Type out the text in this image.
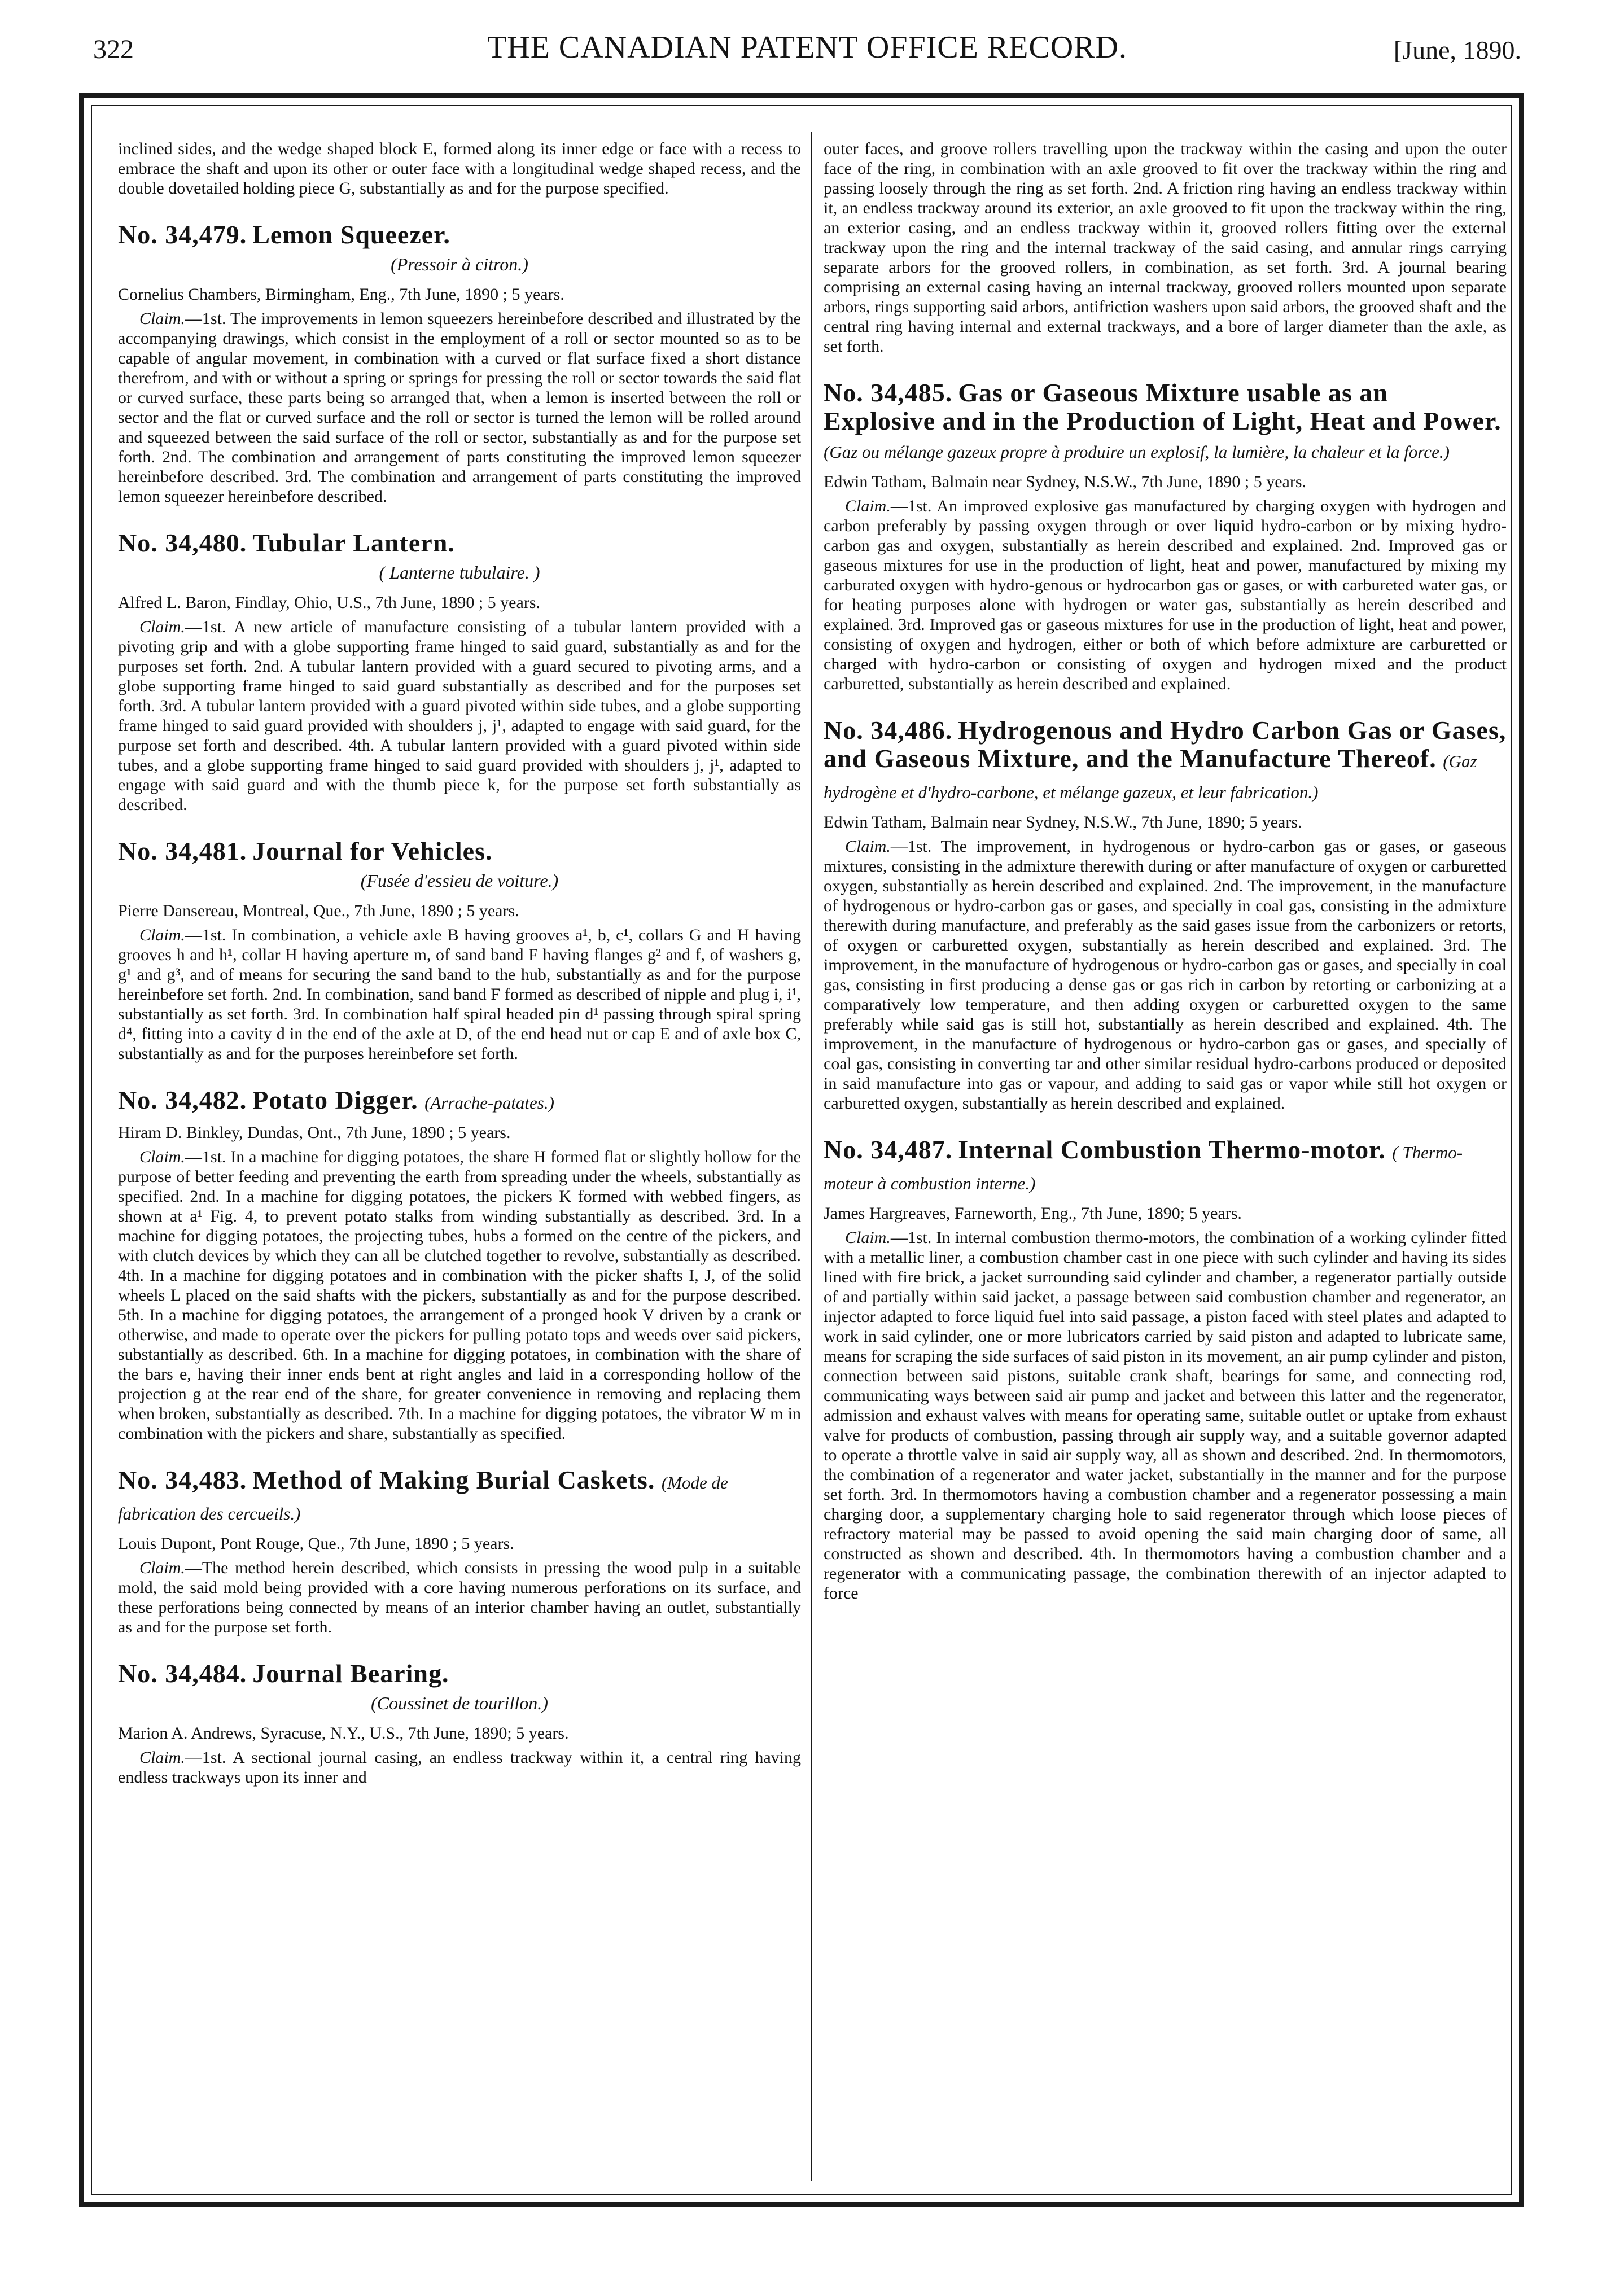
322	THE CANADIAN PATENT OFFICE RECORD.	[June, 1890.

inclined sides, and the wedge shaped block E, formed along its inner edge or face with a recess to embrace the shaft and upon its other or outer face with a longitudinal wedge shaped recess, and the double dovetailed holding piece G, substantially as and for the purpose specified.

No. 34,479. Lemon Squeezer.
(Pressoir à citron.)

Cornelius Chambers, Birmingham, Eng., 7th June, 1890 ; 5 years.

Claim.—1st. The improvements in lemon squeezers hereinbefore described and illustrated by the accompanying drawings, which consist in the employment of a roll or sector mounted so as to be capable of angular movement, in combination with a curved or flat surface fixed a short distance therefrom, and with or without a spring or springs for pressing the roll or sector towards the said flat or curved surface, these parts being so arranged that, when a lemon is inserted between the roll or sector and the flat or curved surface and the roll or sector is turned the lemon will be rolled around and squeezed between the said surface of the roll or sector, substantially as and for the purpose set forth. 2nd. The combination and arrangement of parts constituting the improved lemon squeezer hereinbefore described. 3rd. The combination and arrangement of parts constituting the improved lemon squeezer hereinbefore described.

No. 34,480. Tubular Lantern.
( Lanterne tubulaire. )

Alfred L. Baron, Findlay, Ohio, U.S., 7th June, 1890 ; 5 years.

Claim.—1st. A new article of manufacture consisting of a tubular lantern provided with a pivoting grip and with a globe supporting frame hinged to said guard, substantially as and for the purposes set forth. 2nd. A tubular lantern provided with a guard secured to pivoting arms, and a globe supporting frame hinged to said guard substantially as described and for the purposes set forth. 3rd. A tubular lantern provided with a guard pivoted within side tubes, and a globe supporting frame hinged to said guard provided with shoulders j, j¹, adapted to engage with said guard, for the purpose set forth and described. 4th. A tubular lantern provided with a guard pivoted within side tubes, and a globe supporting frame hinged to said guard provided with shoulders j, j¹, adapted to engage with said guard and with the thumb piece k, for the purpose set forth substantially as described.

No. 34,481. Journal for Vehicles.
(Fusée d'essieu de voiture.)

Pierre Dansereau, Montreal, Que., 7th June, 1890 ; 5 years.

Claim.—1st. In combination, a vehicle axle B having grooves a¹, b, c¹, collars G and H having grooves h and h¹, collar H having aperture m, of sand band F having flanges g² and f, of washers g, g¹ and g³, and of means for securing the sand band to the hub, substantially as and for the purpose hereinbefore set forth. 2nd. In combination, sand band F formed as described of nipple and plug i, i¹, substantially as set forth. 3rd. In combination half spiral headed pin d¹ passing through spiral spring d⁴, fitting into a cavity d in the end of the axle at D, of the end head nut or cap E and of axle box C, substantially as and for the purposes hereinbefore set forth.

No. 34,482. Potato Digger. (Arrache-patates.)

Hiram D. Binkley, Dundas, Ont., 7th June, 1890 ; 5 years.

Claim.—1st. In a machine for digging potatoes, the share H formed flat or slightly hollow for the purpose of better feeding and preventing the earth from spreading under the wheels, substantially as specified. 2nd. In a machine for digging potatoes, the pickers K formed with webbed fingers, as shown at a¹ Fig. 4, to prevent potato stalks from winding substantially as described. 3rd. In a machine for digging potatoes, the projecting tubes, hubs a formed on the centre of the pickers, and with clutch devices by which they can all be clutched together to revolve, substantially as described. 4th. In a machine for digging potatoes and in combination with the picker shafts I, J, of the solid wheels L placed on the said shafts with the pickers, substantially as and for the purpose described. 5th. In a machine for digging potatoes, the arrangement of a pronged hook V driven by a crank or otherwise, and made to operate over the pickers for pulling potato tops and weeds over said pickers, substantially as described. 6th. In a machine for digging potatoes, in combination with the share of the bars e, having their inner ends bent at right angles and laid in a corresponding hollow of the projection g at the rear end of the share, for greater convenience in removing and replacing them when broken, substantially as described. 7th. In a machine for digging potatoes, the vibrator W m in combination with the pickers and share, substantially as specified.

No. 34,483. Method of Making Burial Caskets. (Mode de fabrication des cercueils.)

Louis Dupont, Pont Rouge, Que., 7th June, 1890 ; 5 years.

Claim.—The method herein described, which consists in pressing the wood pulp in a suitable mold, the said mold being provided with a core having numerous perforations on its surface, and these perforations being connected by means of an interior chamber having an outlet, substantially as and for the purpose set forth.

No. 34,484. Journal Bearing.
(Coussinet de tourillon.)

Marion A. Andrews, Syracuse, N.Y., U.S., 7th June, 1890; 5 years.

Claim.—1st. A sectional journal casing, an endless trackway within it, a central ring having endless trackways upon its inner and

outer faces, and groove rollers travelling upon the trackway within the casing and upon the outer face of the ring, in combination with an axle grooved to fit over the trackway within the ring and passing loosely through the ring as set forth. 2nd. A friction ring having an endless trackway within it, an endless trackway around its exterior, an axle grooved to fit upon the trackway within the ring, an exterior casing, and an endless trackway within it, grooved rollers fitting over the external trackway upon the ring and the internal trackway of the said casing, and annular rings carrying separate arbors for the grooved rollers, in combination, as set forth. 3rd. A journal bearing comprising an external casing having an internal trackway, grooved rollers mounted upon separate arbors, rings supporting said arbors, antifriction washers upon said arbors, the grooved shaft and the central ring having internal and external trackways, and a bore of larger diameter than the axle, as set forth.

No. 34,485. Gas or Gaseous Mixture usable as an Explosive and in the Production of Light, Heat and Power. (Gaz ou mélange gazeux propre à produire un explosif, la lumière, la chaleur et la force.)

Edwin Tatham, Balmain near Sydney, N.S.W., 7th June, 1890 ; 5 years.

Claim.—1st. An improved explosive gas manufactured by charging oxygen with hydrogen and carbon preferably by passing oxygen through or over liquid hydro-carbon or by mixing hydro-carbon gas and oxygen, substantially as herein described and explained. 2nd. Improved gas or gaseous mixtures for use in the production of light, heat and power, manufactured by mixing my carburated oxygen with hydro-genous or hydrocarbon gas or gases, or with carbureted water gas, or for heating purposes alone with hydrogen or water gas, substantially as herein described and explained. 3rd. Improved gas or gaseous mixtures for use in the production of light, heat and power, consisting of oxygen and hydrogen, either or both of which before admixture are carburetted or charged with hydro-carbon or consisting of oxygen and hydrogen mixed and the product carburetted, substantially as herein described and explained.

No. 34,486. Hydrogenous and Hydro Carbon Gas or Gases, and Gaseous Mixture, and the Manufacture Thereof. (Gaz hydrogène et d'hydro-carbone, et mélange gazeux, et leur fabrication.)

Edwin Tatham, Balmain near Sydney, N.S.W., 7th June, 1890; 5 years.

Claim.—1st. The improvement, in hydrogenous or hydro-carbon gas or gases, or gaseous mixtures, consisting in the admixture therewith during or after manufacture of oxygen or carburetted oxygen, substantially as herein described and explained. 2nd. The improvement, in the manufacture of hydrogenous or hydro-carbon gas or gases, and specially in coal gas, consisting in the admixture therewith during manufacture, and preferably as the said gases issue from the carbonizers or retorts, of oxygen or carburetted oxygen, substantially as herein described and explained. 3rd. The improvement, in the manufacture of hydrogenous or hydro-carbon gas or gases, and specially in coal gas, consisting in first producing a dense gas or gas rich in carbon by retorting or carbonizing at a comparatively low temperature, and then adding oxygen or carburetted oxygen to the same preferably while said gas is still hot, substantially as herein described and explained. 4th. The improvement, in the manufacture of hydrogenous or hydro-carbon gas or gases, and specially of coal gas, consisting in converting tar and other similar residual hydro-carbons produced or deposited in said manufacture into gas or vapour, and adding to said gas or vapor while still hot oxygen or carburetted oxygen, substantially as herein described and explained.

No. 34,487. Internal Combustion Thermo-motor. ( Thermo-moteur à combustion interne.)

James Hargreaves, Farneworth, Eng., 7th June, 1890; 5 years.

Claim.—1st. In internal combustion thermo-motors, the combination of a working cylinder fitted with a metallic liner, a combustion chamber cast in one piece with such cylinder and having its sides lined with fire brick, a jacket surrounding said cylinder and chamber, a regenerator partially outside of and partially within said jacket, a passage between said combustion chamber and regenerator, an injector adapted to force liquid fuel into said passage, a piston faced with steel plates and adapted to work in said cylinder, one or more lubricators carried by said piston and adapted to lubricate same, means for scraping the side surfaces of said piston in its movement, an air pump cylinder and piston, connection between said pistons, suitable crank shaft, bearings for same, and connecting rod, communicating ways between said air pump and jacket and between this latter and the regenerator, admission and exhaust valves with means for operating same, suitable outlet or uptake from exhaust valve for products of combustion, passing through air supply way, and a suitable governor adapted to operate a throttle valve in said air supply way, all as shown and described. 2nd. In thermomotors, the combination of a regenerator and water jacket, substantially in the manner and for the purpose set forth. 3rd. In thermomotors having a combustion chamber and a regenerator possessing a main charging door, a supplementary charging hole to said regenerator through which loose pieces of refractory material may be passed to avoid opening the said main charging door of same, all constructed as shown and described. 4th. In thermomotors having a combustion chamber and a regenerator with a communicating passage, the combination therewith of an injector adapted to force
